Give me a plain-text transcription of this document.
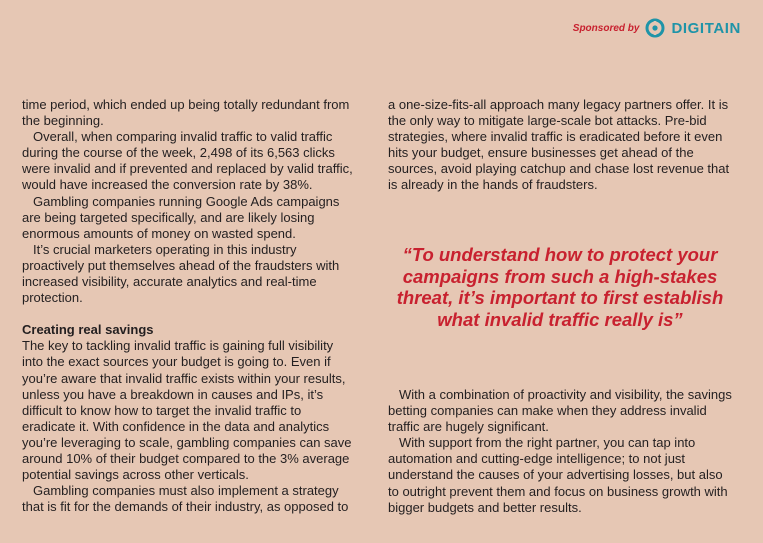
Sponsored by DIGITAIN

time period, which ended up being totally redundant from the beginning.

Overall, when comparing invalid traffic to valid traffic during the course of the week, 2,498 of its 6,563 clicks were invalid and if prevented and replaced by valid traffic, would have increased the conversion rate by 38%.

Gambling companies running Google Ads campaigns are being targeted specifically, and are likely losing enormous amounts of money on wasted spend.

It’s crucial marketers operating in this industry proactively put themselves ahead of the fraudsters with increased visibility, accurate analytics and real-time protection.

Creating real savings

The key to tackling invalid traffic is gaining full visibility into the exact sources your budget is going to. Even if you’re aware that invalid traffic exists within your results, unless you have a breakdown in causes and IPs, it’s difficult to know how to target the invalid traffic to eradicate it. With confidence in the data and analytics you’re leveraging to scale, gambling companies can save around 10% of their budget compared to the 3% average potential savings across other verticals.

Gambling companies must also implement a strategy that is fit for the demands of their industry, as opposed to

a one-size-fits-all approach many legacy partners offer. It is the only way to mitigate large-scale bot attacks. Pre-bid strategies, where invalid traffic is eradicated before it even hits your budget, ensure businesses get ahead of the sources, avoid playing catchup and chase lost revenue that is already in the hands of fraudsters.

“To understand how to protect your campaigns from such a high-stakes threat, it’s important to first establish what invalid traffic really is”

With a combination of proactivity and visibility, the savings betting companies can make when they address invalid traffic are hugely significant.

With support from the right partner, you can tap into automation and cutting-edge intelligence; to not just understand the causes of your advertising losses, but also to outright prevent them and focus on business growth with bigger budgets and better results.
